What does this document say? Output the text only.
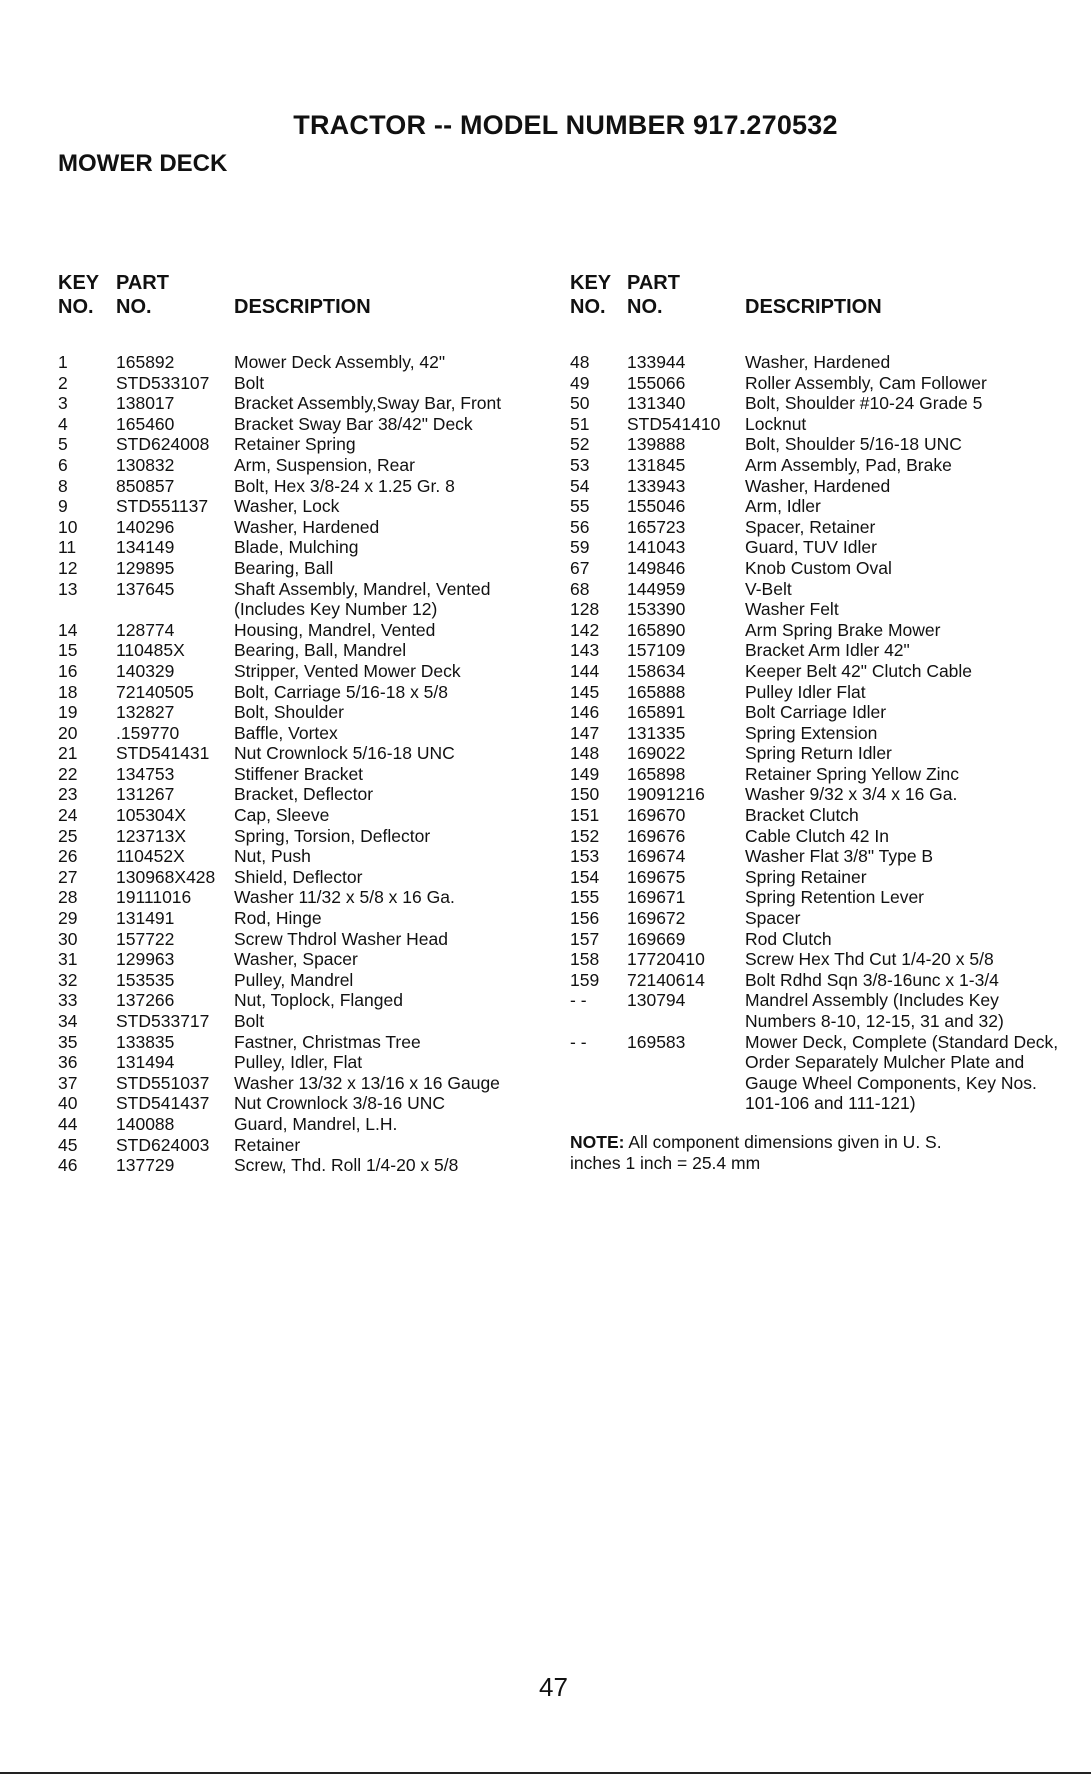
TRACTOR -- MODEL NUMBER 917.270532
MOWER DECK
KEY
NO.
PART
NO.	DESCRIPTION
1	165892	Mower Deck Assembly, 42"
2	STD533107	Bolt
3	138017	Bracket Assembly,Sway Bar, Front
4	165460	Bracket Sway Bar 38/42" Deck
5	STD624008	Retainer Spring
6	130832	Arm, Suspension, Rear
8	850857	Bolt, Hex 3/8-24 x 1.25 Gr. 8
9	STD551137	Washer, Lock
10	140296	Washer, Hardened
11	134149	Blade, Mulching
12	129895	Bearing, Ball
13	137645	Shaft Assembly, Mandrel, Vented (Includes Key Number 12)
14	128774	Housing, Mandrel, Vented
15	110485X	Bearing, Ball, Mandrel
16	140329	Stripper, Vented Mower Deck
18	72140505	Bolt, Carriage 5/16-18 x 5/8
19	132827	Bolt, Shoulder
20	.159770	Baffle, Vortex
21	STD541431	Nut Crownlock 5/16-18 UNC
22	134753	Stiffener Bracket
23	131267	Bracket, Deflector
24	105304X	Cap, Sleeve
25	123713X	Spring, Torsion, Deflector
26	110452X	Nut, Push
27	130968X428	Shield, Deflector
28	19111016	Washer 11/32 x 5/8 x 16 Ga.
29	131491	Rod, Hinge
30	157722	Screw Thdrol Washer Head
31	129963	Washer, Spacer
32	153535	Pulley, Mandrel
33	137266	Nut, Toplock, Flanged
34	STD533717	Bolt
35	133835	Fastner, Christmas Tree
36	131494	Pulley, Idler, Flat
37	STD551037	Washer 13/32 x 13/16 x 16 Gauge
40	STD541437	Nut Crownlock 3/8-16 UNC
44	140088	Guard, Mandrel, L.H.
45	STD624003	Retainer
46	137729	Screw, Thd. Roll 1/4-20 x 5/8
KEY
NO.
PART
NO.	DESCRIPTION
48	133944	Washer, Hardened
49	155066	Roller Assembly, Cam Follower
50	131340	Bolt, Shoulder #10-24 Grade 5
51	STD541410	Locknut
52	139888	Bolt, Shoulder 5/16-18 UNC
53	131845	Arm Assembly, Pad, Brake
54	133943	Washer, Hardened
55	155046	Arm, Idler
56	165723	Spacer, Retainer
59	141043	Guard, TUV Idler
67	149846	Knob Custom Oval
68	144959	V-Belt
128	153390	Washer Felt
142	165890	Arm Spring Brake Mower
143	157109	Bracket Arm Idler 42"
144	158634	Keeper Belt 42" Clutch Cable
145	165888	Pulley Idler Flat
146	165891	Bolt Carriage Idler
147	131335	Spring Extension
148	169022	Spring Return Idler
149	165898	Retainer Spring Yellow Zinc
150	19091216	Washer 9/32 x 3/4 x 16 Ga.
151	169670	Bracket Clutch
152	169676	Cable Clutch 42 In
153	169674	Washer Flat 3/8" Type B
154	169675	Spring Retainer
155	169671	Spring Retention Lever
156	169672	Spacer
157	169669	Rod Clutch
158	17720410	Screw Hex Thd Cut 1/4-20 x 5/8
159	72140614	Bolt Rdhd Sqn 3/8-16unc x 1-3/4
- -	130794	Mandrel Assembly (Includes Key Numbers 8-10, 12-15, 31 and 32)
- -	169583	Mower Deck, Complete (Standard Deck, Order Separately Mulcher Plate and Gauge Wheel Components, Key Nos. 101-106 and 111-121)
NOTE: All component dimensions given in U. S. inches 1 inch = 25.4 mm
47
